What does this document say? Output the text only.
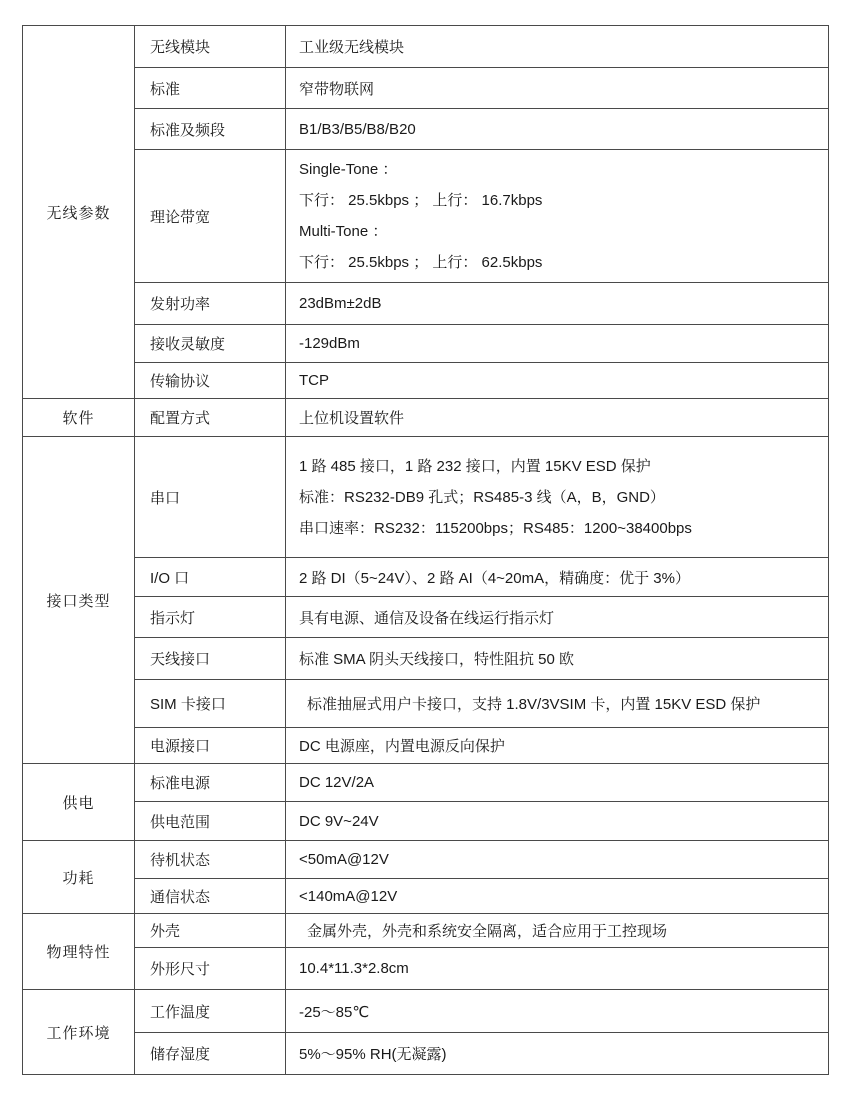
无线参数	无线模块	工业级无线模块
	标准	窄带物联网
	标准及频段	B1/B3/B5/B8/B20
	理论带宽	Single-Tone ：
下行： 25.5kbps ； 上行： 16.7kbps
Multi-Tone ：
下行： 25.5kbps ； 上行： 62.5kbps

	发射功率	23dBm±2dB
	接收灵敏度	-129dBm
	传输协议	TCP
软件	配置方式	上位机设置软件
接口类型	串口	1 路 485 接口，1 路 232 接口，内置 15KV ESD 保护
标准：RS232-DB9 孔式；RS485-3 线（A，B，GND）
串口速率：RS232：115200bps；RS485：1200~38400bps

	I/O 口	2 路 DI（5~24V）、2 路 AI（4~20mA，精确度：优于 3%）
	指示灯	具有电源、通信及设备在线运行指示灯
	天线接口	标准 SMA 阴头天线接口，特性阻抗 50 欧
	SIM 卡接口	标准抽屉式用户卡接口，支持 1.8V/3VSIM 卡，内置 15KV ESD 保护
	电源接口	DC 电源座，内置电源反向保护
供电	标准电源	DC 12V/2A
	供电范围	DC 9V~24V
功耗	待机状态	<50mA@12V
	通信状态	<140mA@12V
物理特性	外壳	金属外壳，外壳和系统安全隔离，适合应用于工控现场
	外形尺寸	10.4*11.3*2.8cm
工作环境	工作温度	-25～85℃
	储存湿度	5%～95% RH(无凝露)
